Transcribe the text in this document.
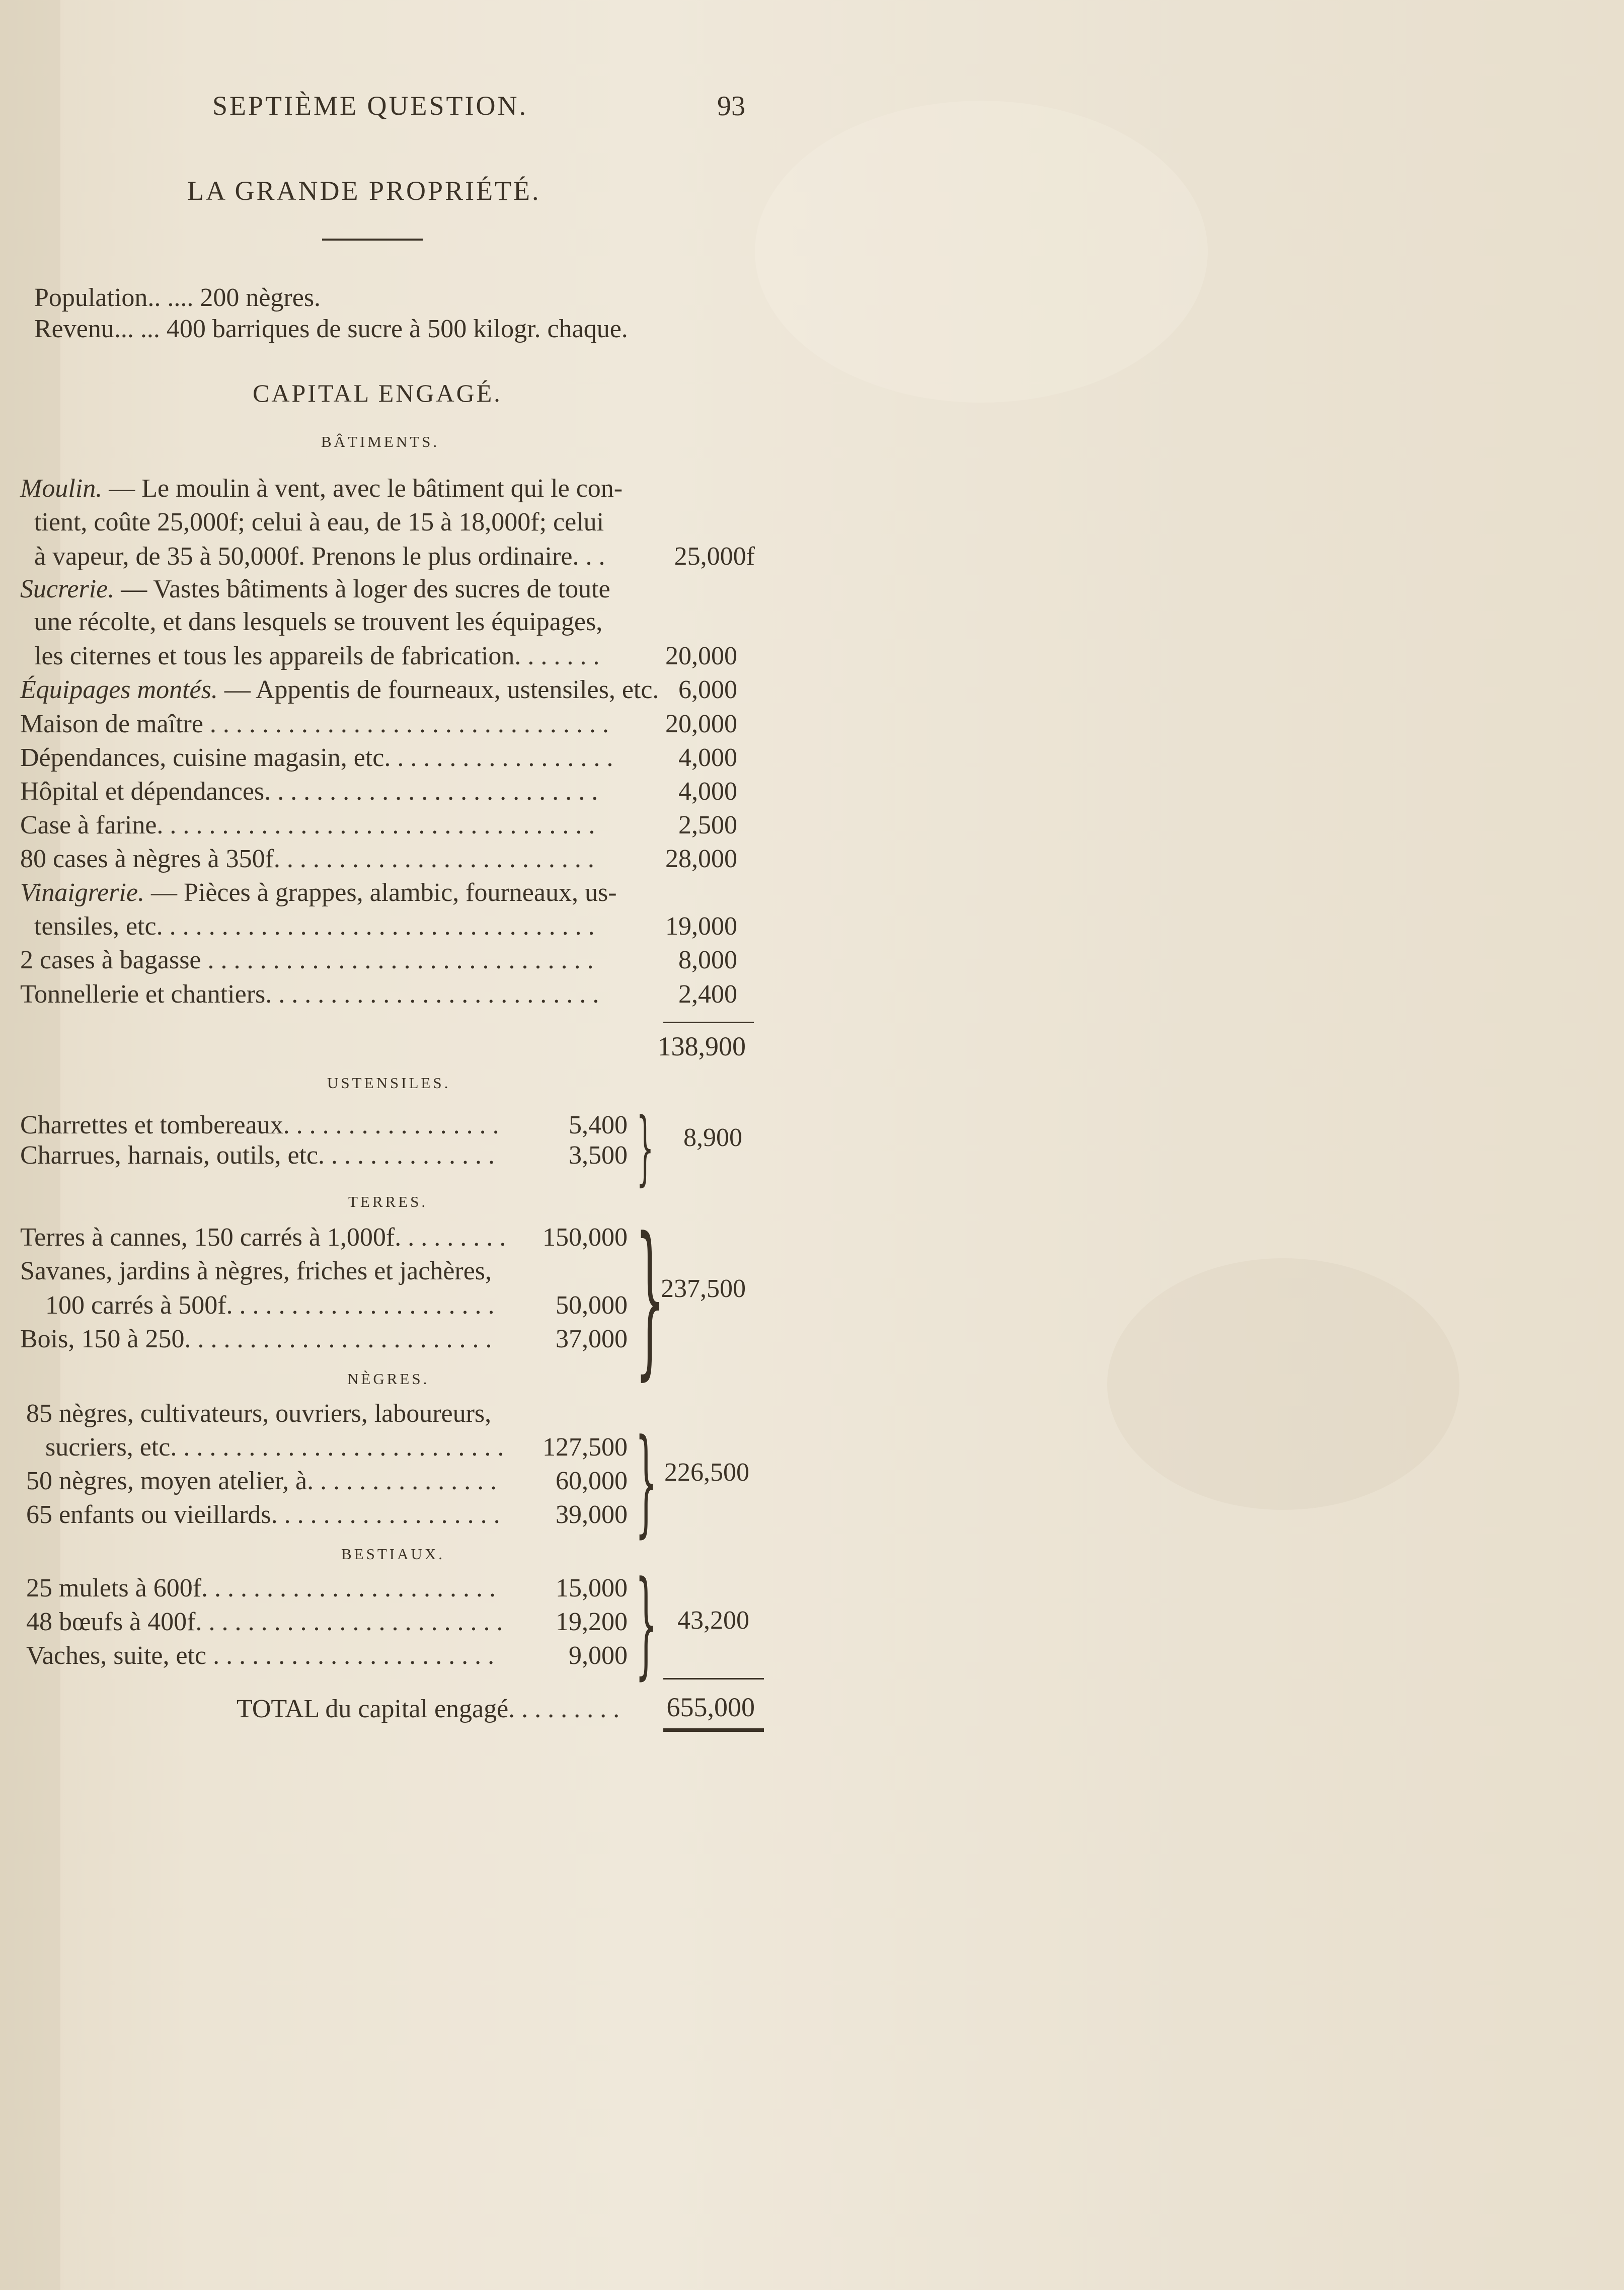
SEPTIÈME QUESTION.	93
LA GRANDE PROPRIÉTÉ.
Population.. .... 200 nègres.
Revenu... ... 400 barriques de sucre à 500 kilogr. chaque.
CAPITAL ENGAGÉ.
BÂTIMENTS.
Moulin. — Le moulin à vent, avec le bâtiment qui le con-
tient, coûte 25,000f; celui à eau, de 15 à 18,000f; celui
à vapeur, de 35 à 50,000f. Prenons le plus ordinaire. . .	25,000f
Sucrerie. — Vastes bâtiments à loger des sucres de toute
une récolte, et dans lesquels se trouvent les équipages,
les citernes et tous les appareils de fabrication. . . . . . .	20,000
Équipages montés. — Appentis de fourneaux, ustensiles, etc. 6,000
Maison de maître . . . . . . . . . . . . . . . . . . . . . . . . . . . . . . . 20,000
Dépendances, cuisine magasin, etc. . . . . . . . . . . . . . . . . . 4,000
Hôpital et dépendances. . . . . . . . . . . . . . . . . . . . . . . . . .	4,000
Case à farine. . . . . . . . . . . . . . . . . . . . . . . . . . . . . . . . . .	2,500
80 cases à nègres à 350f. . . . . . . . . . . . . . . . . . . . . . . . .	28,000
Vinaigrerie. — Pièces à grappes, alambic, fourneaux, us-
tensiles, etc. . . . . . . . . . . . . . . . . . . . . . . . . . . . . . . . . .	19,000
2 cases à bagasse . . . . . . . . . . . . . . . . . . . . . . . . . . . . . .	8,000
Tonnellerie et chantiers. . . . . . . . . . . . . . . . . . . . . . . . . .	2,400
138,900
USTENSILES.
Charrettes et tombereaux. . . . . . . . . . . . . . . . .	5,400
Charrues, harnais, outils, etc. . . . . . . . . . . . . .	3,500 } 8,900
TERRES.
Terres à cannes, 150 carrés à 1,000f. . . . . . . . . 150,000
Savanes, jardins à nègres, friches et jachères,
100 carrés à 500f. . . . . . . . . . . . . . . . . . . . . 50,000
Bois, 150 à 250. . . . . . . . . . . . . . . . . . . . . . . . 37,000 }
237,500
NÈGRES.
85 nègres, cultivateurs, ouvriers, laboureurs,
sucriers, etc. . . . . . . . . . . . . . . . . . . . . . . . . . 127,500
50 nègres, moyen atelier, à. . . . . . . . . . . . . . . 60,000
65 enfants ou vieillards. . . . . . . . . . . . . . . . . . 39,000 } 226,500
BESTIAUX.
25 mulets à 600f. . . . . . . . . . . . . . . . . . . . . . . 15,000
48 bœufs à 400f. . . . . . . . . . . . . . . . . . . . . . . . 19,200
Vaches, suite, etc . . . . . . . . . . . . . . . . . . . . . .	9,000 } 43,200
TOTAL du capital engagé. . . . . . . . . 655,000
